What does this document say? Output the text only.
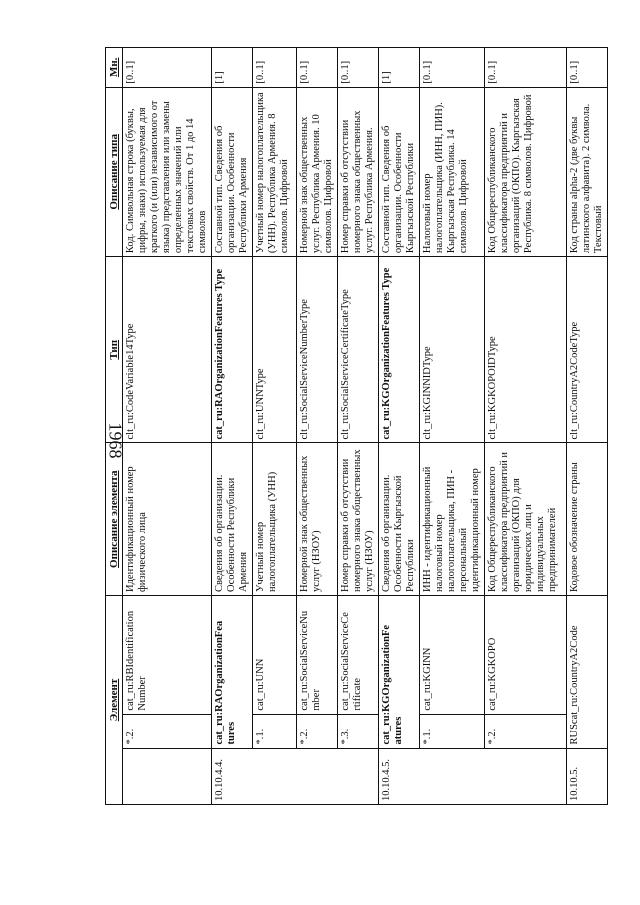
1968
Элемент			Описание элемента	Тип	Описание типа	Мн.
	*.2.	cat_ru:RBIdentification Number	Идентификационный номер физического лица	clt_ru:CodeVariable14Type	Код. Символьная строка (буквы, цифры, знаки) используемая для краткого (и (или) независимого от языка) представления или замены определенных значений или текстовых свойств. От 1 до 14 символов	[0..1]
10.10.4.4.	cat_ru:RAOrganizationFea tures		Сведения об организации. Особенности Республики Армения	cat_ru:RAOrganizationFeatures Type	Составной тип. Сведения об организации. Особенности Республики Армения	[1]
	*.1.	cat_ru:UNN	Учетный номер налогоплательщика (УНН)	clt_ru:UNNType	Учетный номер налогоплательщика (УНН). Республика Армения. 8 символов. Цифровой	[0..1]
	*.2.	cat_ru:SocialServiceNu mber	Номерной знак общественных услуг (НЗОУ)	clt_ru:SocialServiceNumberType	Номерной знак общественных услуг. Республика Армения. 10 символов. Цифровой	[0..1]
	*.3.	cat_ru:SocialServiceCe rtificate	Номер справки об отсутствии номерного знака общественных услуг (НЗОУ)	clt_ru:SocialServiceCertificateType	Номер справки об отсутствии номерного знака общественных услуг. Республика Армения.	[0..1]
10.10.4.5.	cat_ru:KGOrganizationFe atures		Сведения об организации. Особенности Кыргызской Республики	cat_ru:KGOrganizationFeatures Type	Составной тип. Сведения об организации. Особенности Кыргызской Республики	[1]
	*.1.	cat_ru:KGINN	ИНН - идентификационный налоговый номер налогоплательщика, ПИН - персональный идентификационный номер	clt_ru:KGINNIDType	Налоговый номер налогоплательщика (ИНН, ПИН). Кыргызская Республика. 14 символов. Цифровой	[0..1]
	*.2.	cat_ru:KGKOPO	Код Общереспубликанского классификатора предприятий и организаций (ОКПО) для юридических лиц и индивидуальных предпринимателей	clt_ru:KGKOPOIDType	Код Общереспубликанского классификатора предприятий и организаций (ОКПО). Кыргызская Республика. 8 символов. Цифровой	[0..1]
10.10.5.	RUScat_ru:CountryA2Code		Кодовое обозначение страны	clt_ru:CountryA2CodeType	Код страны alpha-2 (две буквы латинского алфавита). 2 символа. Текстовый	[0..1]
